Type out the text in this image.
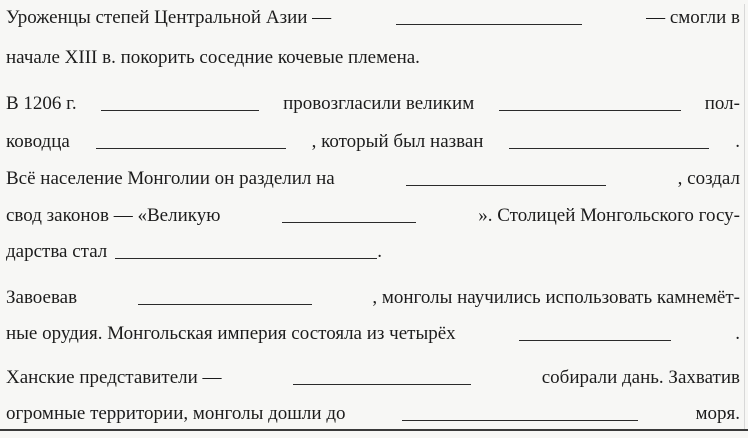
Уроженцы степей Центральной Азии —	— смогли в
начале XIII в. покорить соседние кочевые племена.
В 1206 г.	провозгласили великим	пол-
ководца	, который был назван	.
Всё население Монголии он разделил на	, создал
свод законов — «Великую	». Столицей Монгольского госу-
дарства стал	.
Завоевав	, монголы научились использовать камнемёт-
ные орудия. Монгольская империя состояла из четырёх	.
Ханские представители —	собирали дань. Захватив
огромные территории, монголы дошли до	моря.
